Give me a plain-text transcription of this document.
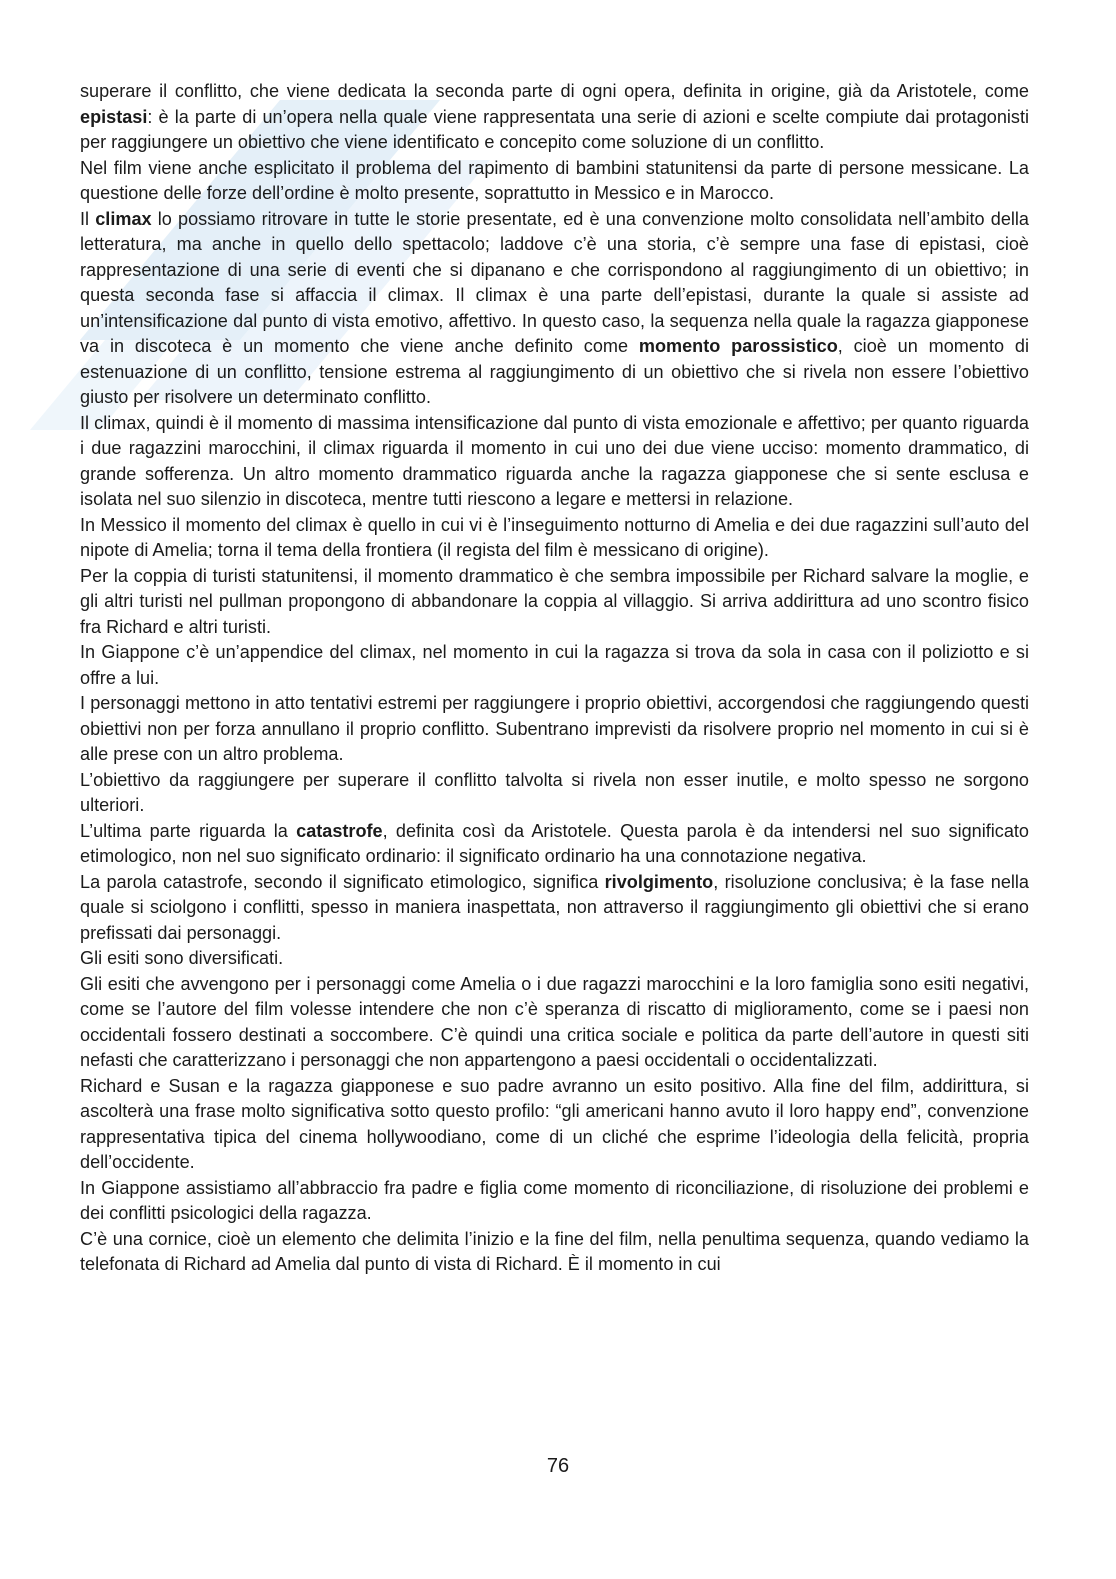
superare il conflitto, che viene dedicata la seconda parte di ogni opera, definita in origine, già da Aristotele, come epistasi: è la parte di un’opera nella quale viene rappresentata una serie di azioni e scelte compiute dai protagonisti per raggiungere un obiettivo che viene identificato e concepito come soluzione di un conflitto.

Nel film viene anche esplicitato il problema del rapimento di bambini statunitensi da parte di persone messicane. La questione delle forze dell’ordine è molto presente, soprattutto in Messico e in Marocco.

Il climax lo possiamo ritrovare in tutte le storie presentate, ed è una convenzione molto consolidata nell’ambito della letteratura, ma anche in quello dello spettacolo; laddove c’è una storia, c’è sempre una fase di epistasi, cioè rappresentazione di una serie di eventi che si dipanano e che corrispondono al raggiungimento di un obiettivo; in questa seconda fase si affaccia il climax. Il climax è una parte dell’epistasi, durante la quale si assiste ad un’intensificazione dal punto di vista emotivo, affettivo. In questo caso, la sequenza nella quale la ragazza giapponese va in discoteca è un momento che viene anche definito come momento parossistico, cioè un momento di estenuazione di un conflitto, tensione estrema al raggiungimento di un obiettivo che si rivela non essere l’obiettivo giusto per risolvere un determinato conflitto.

Il climax, quindi è il momento di massima intensificazione dal punto di vista emozionale e affettivo; per quanto riguarda i due ragazzini marocchini, il climax riguarda il momento in cui uno dei due viene ucciso: momento drammatico, di grande sofferenza. Un altro momento drammatico riguarda anche la ragazza giapponese che si sente esclusa e isolata nel suo silenzio in discoteca, mentre tutti riescono a legare e mettersi in relazione.

In Messico il momento del climax è quello in cui vi è l’inseguimento notturno di Amelia e dei due ragazzini sull’auto del nipote di Amelia; torna il tema della frontiera (il regista del film è messicano di origine).

Per la coppia di turisti statunitensi, il momento drammatico è che sembra impossibile per Richard salvare la moglie, e gli altri turisti nel pullman propongono di abbandonare la coppia al villaggio. Si arriva addirittura ad uno scontro fisico fra Richard e altri turisti.

In Giappone c’è un’appendice del climax, nel momento in cui la ragazza si trova da sola in casa con il poliziotto e si offre a lui.

I personaggi mettono in atto tentativi estremi per raggiungere i proprio obiettivi, accorgendosi che raggiungendo questi obiettivi non per forza annullano il proprio conflitto. Subentrano imprevisti da risolvere proprio nel momento in cui si è alle prese con un altro problema.

L’obiettivo da raggiungere per superare il conflitto talvolta si rivela non esser inutile, e molto spesso ne sorgono ulteriori.

L’ultima parte riguarda la catastrofe, definita così da Aristotele. Questa parola è da intendersi nel suo significato etimologico, non nel suo significato ordinario: il significato ordinario ha una connotazione negativa.

La parola catastrofe, secondo il significato etimologico, significa rivolgimento, risoluzione conclusiva; è la fase nella quale si sciolgono i conflitti, spesso in maniera inaspettata, non attraverso il raggiungimento gli obiettivi che si erano prefissati dai personaggi.

Gli esiti sono diversificati.

Gli esiti che avvengono per i personaggi come Amelia o i due ragazzi marocchini e la loro famiglia sono esiti negativi, come se l’autore del film volesse intendere che non c’è speranza di riscatto di miglioramento, come se i paesi non occidentali fossero destinati a soccombere. C’è quindi una critica sociale e politica da parte dell’autore in questi siti nefasti che caratterizzano i personaggi che non appartengono a paesi occidentali o occidentalizzati.

Richard e Susan e la ragazza giapponese e suo padre avranno un esito positivo. Alla fine del film, addirittura, si ascolterà una frase molto significativa sotto questo profilo: “gli americani hanno avuto il loro happy end”, convenzione rappresentativa tipica del cinema hollywoodiano, come di un cliché che esprime l’ideologia della felicità, propria dell’occidente.

In Giappone assistiamo all’abbraccio fra padre e figlia come momento di riconciliazione, di risoluzione dei problemi e dei conflitti psicologici della ragazza.

C’è una cornice, cioè un elemento che delimita l’inizio e la fine del film, nella penultima sequenza, quando vediamo la telefonata di Richard ad Amelia dal punto di vista di Richard. È il momento in cui

76
